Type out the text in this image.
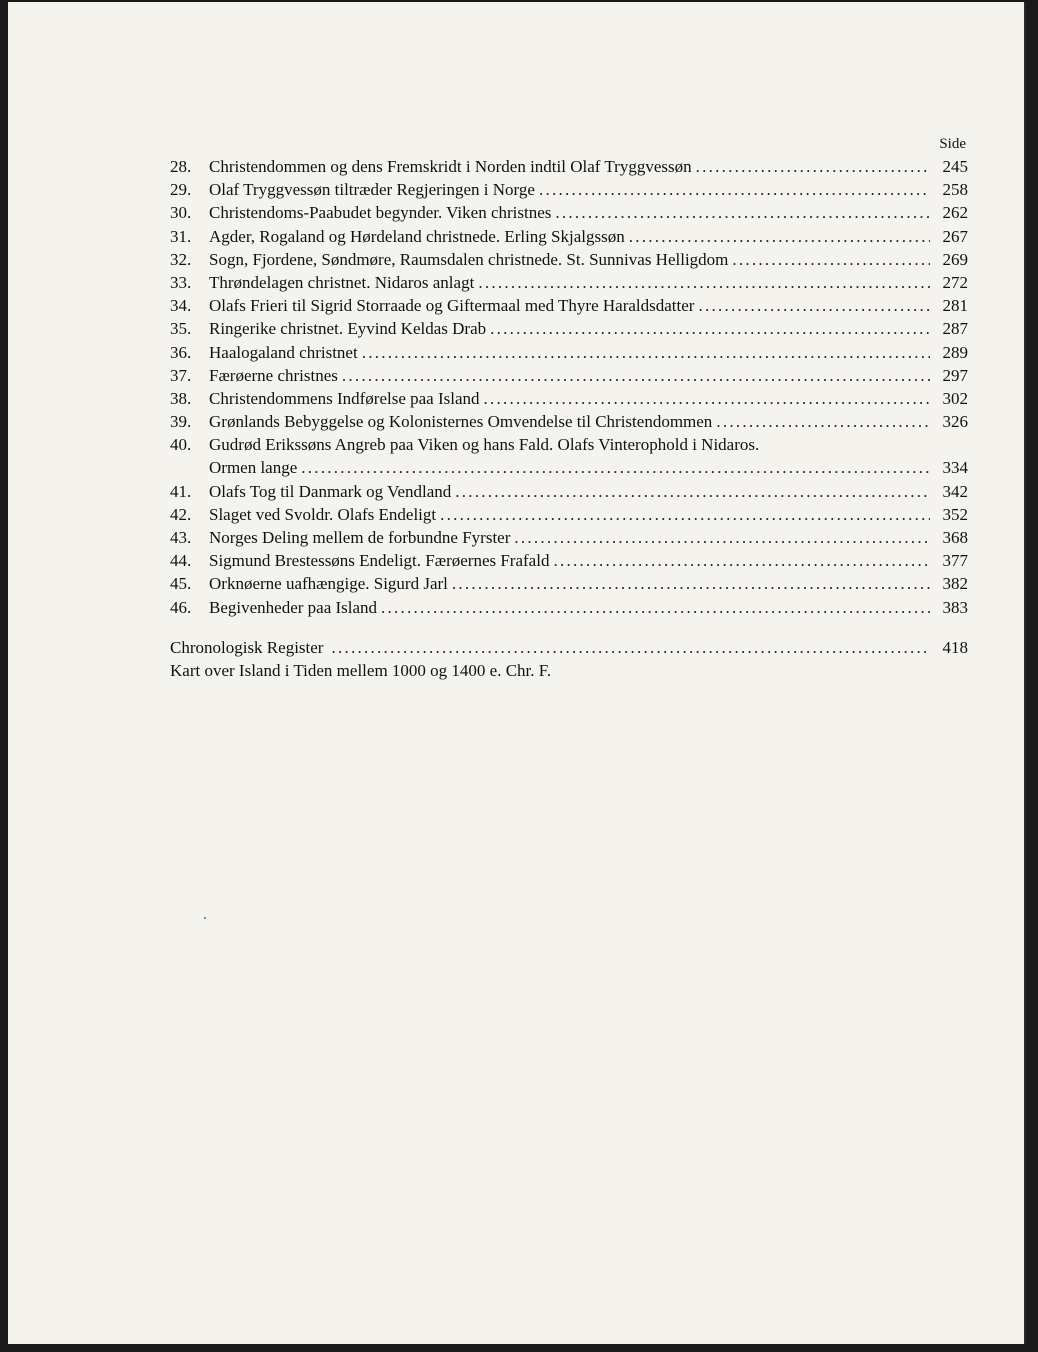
Side
28.	Christendommen og dens Fremskridt i Norden indtil Olaf Tryggvessøn . . .	245
29.	Olaf Tryggvessøn tiltræder Regjeringen i Norge . . .	258
30.	Christendoms-Paabudet begynder. Viken christnes . . .	262
31.	Agder, Rogaland og Hørdeland christnede. Erling Skjalgssøn . . .	267
32.	Sogn, Fjordene, Søndmøre, Raumsdalen christnede. St. Sunnivas Helligdom . . .	269
33.	Thrøndelagen christnet. Nidaros anlagt . . .	272
34.	Olafs Frieri til Sigrid Storraade og Giftermaal med Thyre Haraldsdatter . . .	281
35.	Ringerike christnet. Eyvind Keldas Drab . . .	287
36.	Haalogaland christnet . . .	289
37.	Færøerne christnes . . .	297
38.	Christendommens Indførelse paa Island . . .	302
39.	Grønlands Bebyggelse og Kolonisternes Omvendelse til Christendommen . . .	326
40.	Gudrød Erikssøns Angreb paa Viken og hans Fald. Olafs Vinterophold i Nidaros.
Ormen lange . . .	334
41.	Olafs Tog til Danmark og Vendland . . .	342
42.	Slaget ved Svoldr. Olafs Endeligt . . .	352
43.	Norges Deling mellem de forbundne Fyrster . . .	368
44.	Sigmund Brestessøns Endeligt. Færøernes Frafald . . .	377
45.	Orknøerne uafhængige. Sigurd Jarl . . .	382
46.	Begivenheder paa Island . . .	383
Chronologisk Register . . .	418
Kart over Island i Tiden mellem 1000 og 1400 e. Chr. F.
